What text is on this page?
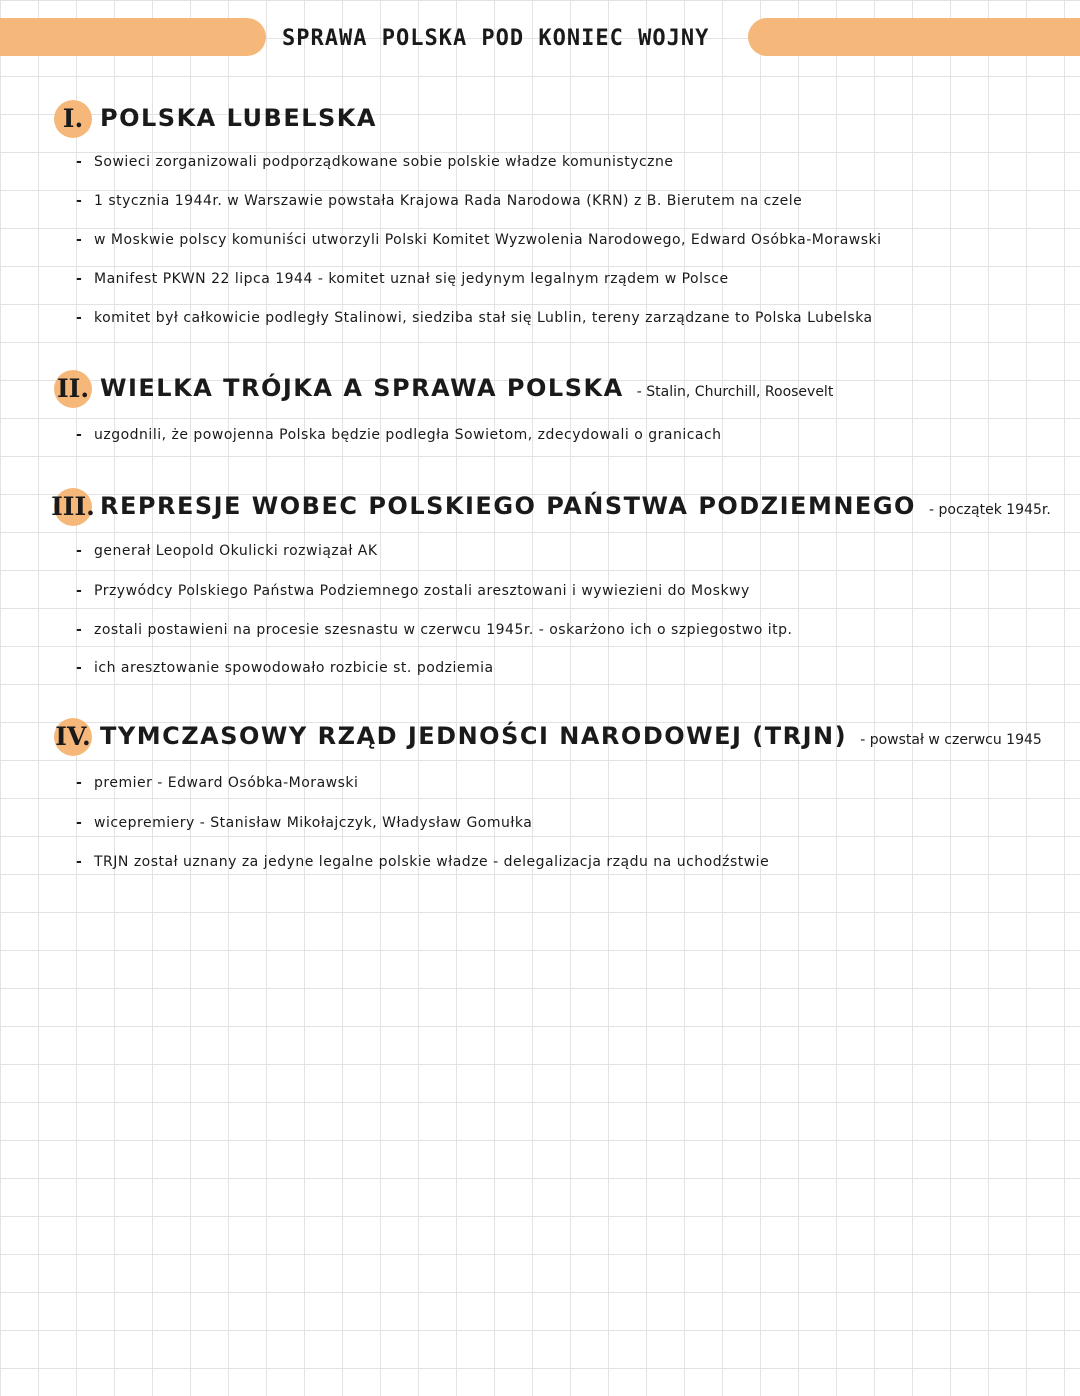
SPRAWA POLSKA POD KONIEC WOJNY
I. POLSKA LUBELSKA
- Sowieci zorganizowali podporządkowane sobie polskie władze komunistyczne
- 1 stycznia 1944r. w Warszawie powstała Krajowa Rada Narodowa (KRN) z B. Bierutem na czele
- w Moskwie polscy komuniści utworzyli Polski Komitet Wyzwolenia Narodowego, Edward Osóbka-Morawski
- Manifest PKWN 22 lipca 1944 - komitet uznał się jedynym legalnym rządem w Polsce
- komitet był całkowicie podległy Stalinowi, siedziba stał się Lublin, tereny zarządzane to Polska Lubelska
II. WIELKA TRÓJKA A SPRAWA POLSKA - Stalin, Churchill, Roosevelt
- uzgodnili, że powojenna Polska będzie podległa Sowietom, zdecydowali o granicach
III. REPRESJE WOBEC POLSKIEGO PAŃSTWA PODZIEMNEGO - początek 1945r.
- generał Leopold Okulicki rozwiązał AK
- Przywódcy Polskiego Państwa Podziemnego zostali aresztowani i wywiezieni do Moskwy
- zostali postawieni na procesie szesnastu w czerwcu 1945r. - oskarżono ich o szpiegostwo itp.
- ich aresztowanie spowodowało rozbicie st. podziemia
IV. TYMCZASOWY RZĄD JEDNOŚCI NARODOWEJ (TRJN) - powstał w czerwcu 1945
- premier - Edward Osóbka-Morawski
- wicepremiery - Stanisław Mikołajczyk, Władysław Gomułka
- TRJN został uznany za jedyne legalne polskie władze - delegalizacja rządu na uchodźstwie
